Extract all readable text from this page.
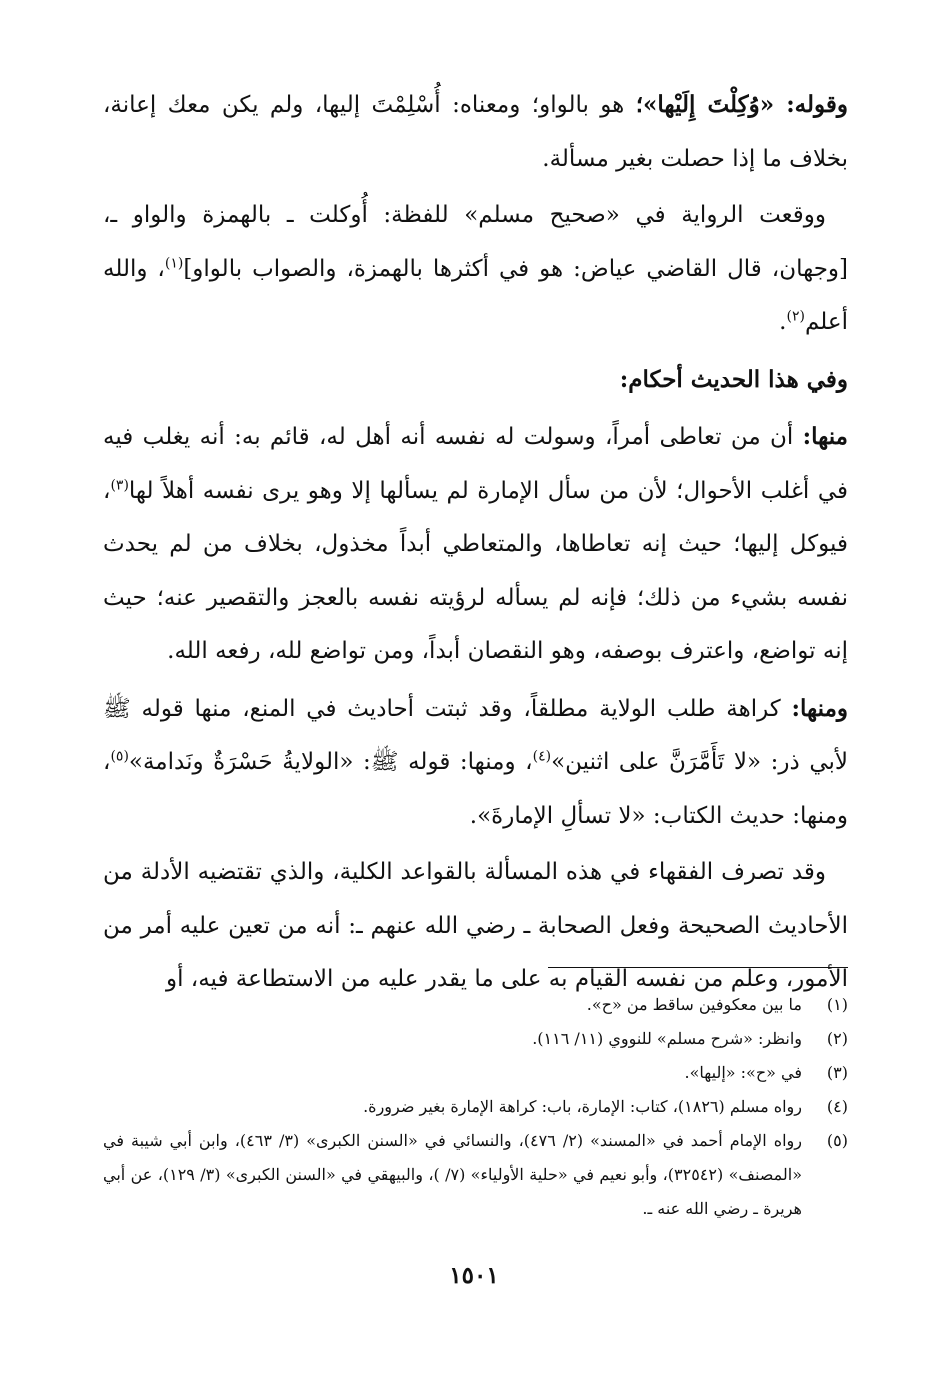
وقوله: «وُكِلْتَ إِلَيْها»؛ هو بالواو؛ ومعناه: أُسْلِمْتَ إليها، ولم يكن معك إعانة، بخلاف ما إذا حصلت بغير مسألة.

ووقعت الرواية في «صحيح مسلم» للفظة: أُوكلت ـ بالهمزة والواو ـ، [وجهان، قال القاضي عياض: هو في أكثرها بالهمزة، والصواب بالواو]$^{(١)}$، والله أعلم$^{(٢)}$.

وفي هذا الحديث أحكام:

منها: أن من تعاطى أمراً، وسولت له نفسه أنه أهل له، قائم به: أنه يغلب فيه في أغلب الأحوال؛ لأن من سأل الإمارة لم يسألها إلا وهو يرى نفسه أهلاً لها$^{(٣)}$، فيوكل إليها؛ حيث إنه تعاطاها، والمتعاطي أبداً مخذول، بخلاف من لم يحدث نفسه بشيء من ذلك؛ فإنه لم يسأله لرؤيته نفسه بالعجز والتقصير عنه؛ حيث إنه تواضع، واعترف بوصفه، وهو النقصان أبداً، ومن تواضع لله، رفعه الله.

ومنها: كراهة طلب الولاية مطلقاً، وقد ثبتت أحاديث في المنع، منها قوله ﷺ لأبي ذر: «لا تَأَمَّرَنَّ على اثنين»$^{(٤)}$، ومنها: قوله ﷺ: «الولايةُ حَسْرَةٌ ونَدامة»$^{(٥)}$، ومنها: حديث الكتاب: «لا تسألِ الإمارةَ».

وقد تصرف الفقهاء في هذه المسألة بالقواعد الكلية، والذي تقتضيه الأدلة من الأحاديث الصحيحة وفعل الصحابة ـ رضي الله عنهم ـ: أنه من تعين عليه أمر من الأمور، وعلم من نفسه القيام به على ما يقدر عليه من الاستطاعة فيه، أو

(١)
ما بين معكوفين ساقط من «ح».
(٢)
وانظر: «شرح مسلم» للنووي (١١/ ١١٦).
(٣)
في «ح»: «إليها».
(٤)
رواه مسلم (١٨٢٦)، كتاب: الإمارة، باب: كراهة الإمارة بغير ضرورة.
(٥)
رواه الإمام أحمد في «المسند» (٢/ ٤٧٦)، والنسائي في «السنن الكبرى» (٣/ ٤٦٣)، وابن أبي شيبة في «المصنف» (٣٢٥٤٢)، وأبو نعيم في «حلية الأولياء» (٧/ )، والبيهقي في «السنن الكبرى» (٣/ ١٢٩)، عن أبي هريرة ـ رضي الله عنه ـ.
١٥٠١
